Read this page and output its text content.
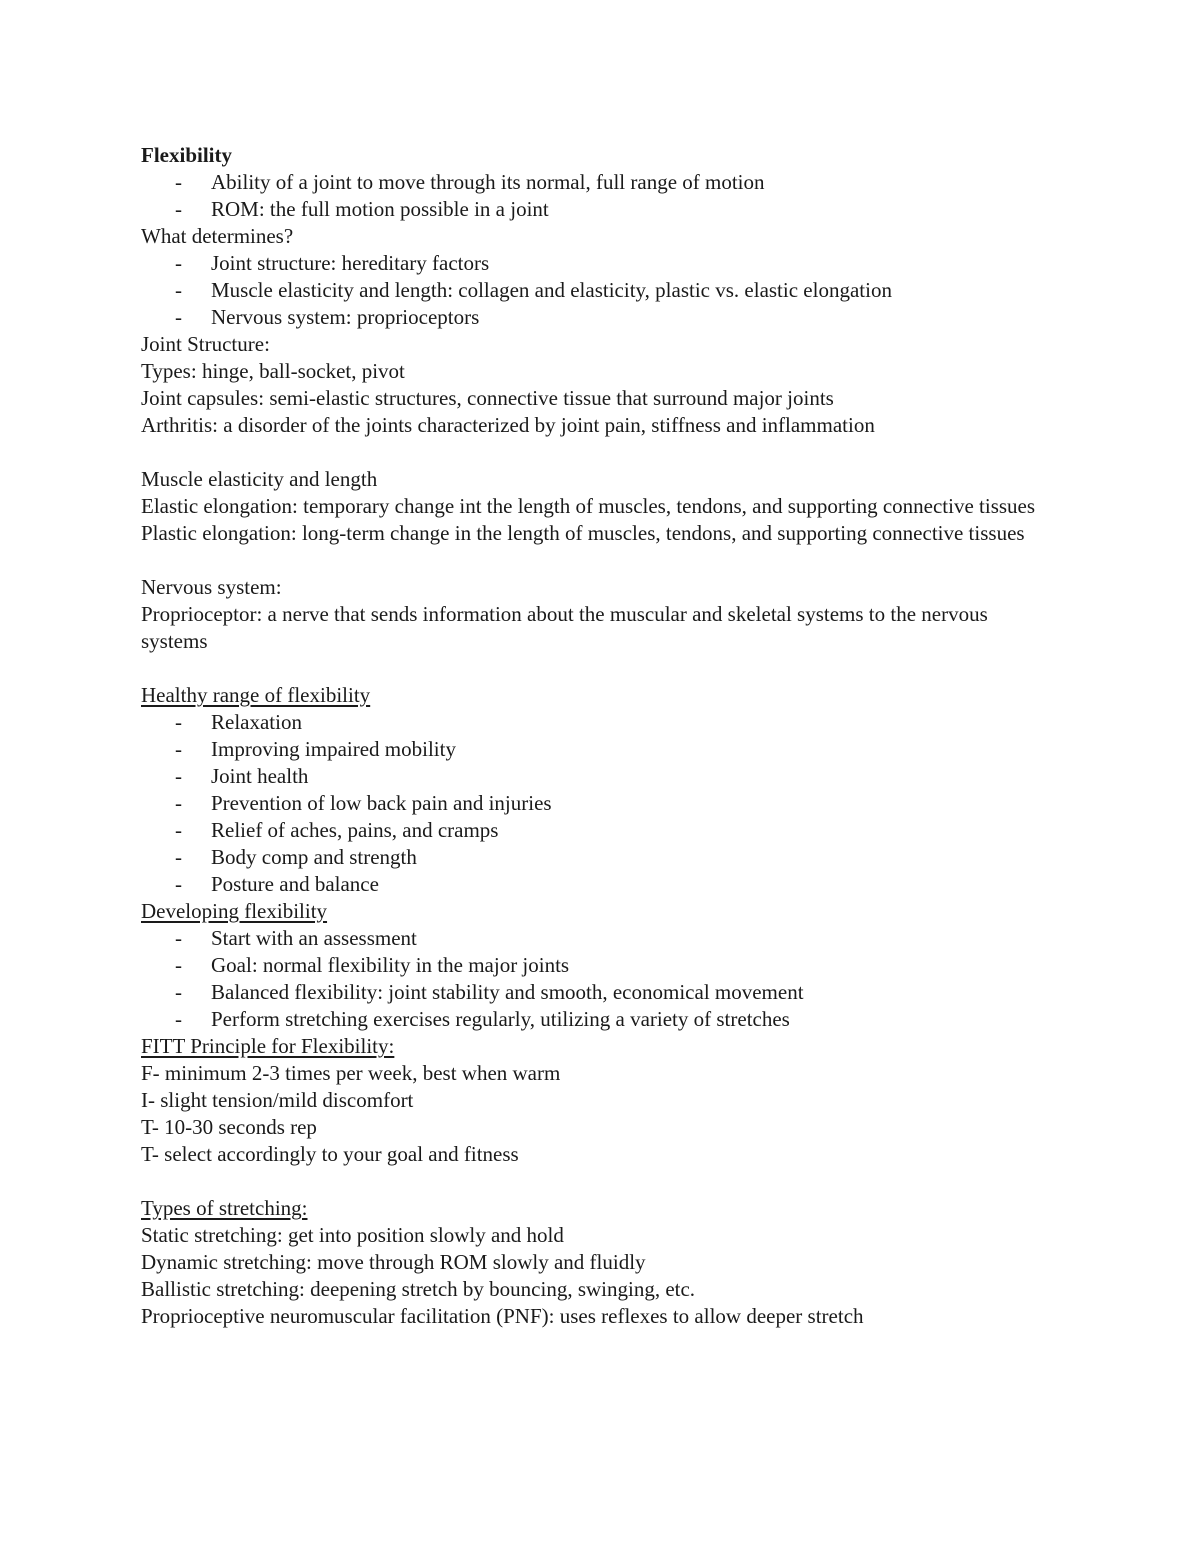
Flexibility
- Ability of a joint to move through its normal, full range of motion
- ROM: the full motion possible in a joint
What determines?
- Joint structure: hereditary factors
- Muscle elasticity and length: collagen and elasticity, plastic vs. elastic elongation
- Nervous system: proprioceptors
Joint Structure:
Types: hinge, ball-socket, pivot
Joint capsules: semi-elastic structures, connective tissue that surround major joints
Arthritis: a disorder of the joints characterized by joint pain, stiffness and inflammation
Muscle elasticity and length
Elastic elongation: temporary change int the length of muscles, tendons, and supporting connective tissues
Plastic elongation: long-term change in the length of muscles, tendons, and supporting connective tissues
Nervous system:
Proprioceptor: a nerve that sends information about the muscular and skeletal systems to the nervous systems
Healthy range of flexibility
- Relaxation
- Improving impaired mobility
- Joint health
- Prevention of low back pain and injuries
- Relief of aches, pains, and cramps
- Body comp and strength
- Posture and balance
Developing flexibility
- Start with an assessment
- Goal: normal flexibility in the major joints
- Balanced flexibility: joint stability and smooth, economical movement
- Perform stretching exercises regularly, utilizing a variety of stretches
FITT Principle for Flexibility:
F- minimum 2-3 times per week, best when warm
I- slight tension/mild discomfort
T- 10-30 seconds rep
T- select accordingly to your goal and fitness
Types of stretching:
Static stretching: get into position slowly and hold
Dynamic stretching: move through ROM slowly and fluidly
Ballistic stretching: deepening stretch by bouncing, swinging, etc.
Proprioceptive neuromuscular facilitation (PNF): uses reflexes to allow deeper stretch
